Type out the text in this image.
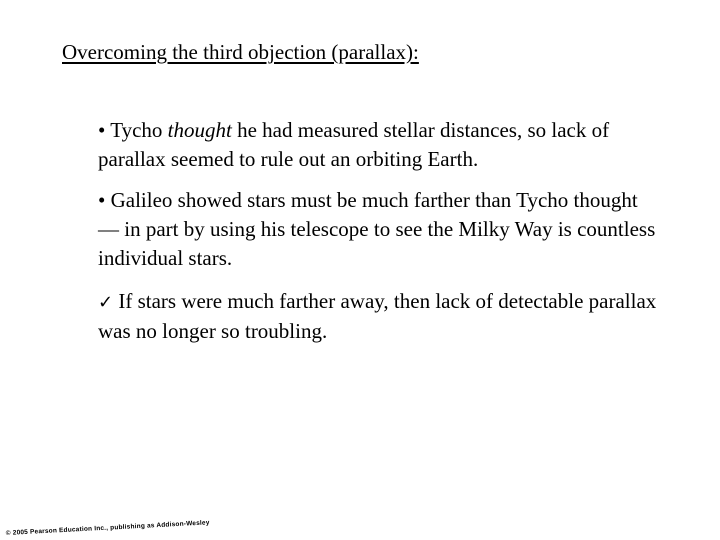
Overcoming the third objection (parallax):
• Tycho thought he had measured stellar distances, so lack of parallax seemed to rule out an orbiting Earth.
• Galileo showed stars must be much farther than Tycho thought — in part by using his telescope to see the Milky Way is countless individual stars.
✓ If stars were much farther away, then lack of detectable parallax was no longer so troubling.
© 2005 Pearson Education Inc., publishing as Addison-Wesley
